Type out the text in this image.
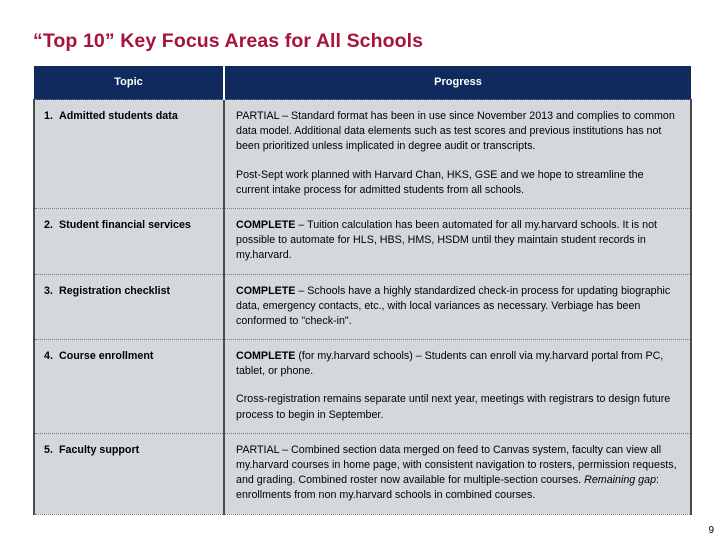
“Top 10” Key Focus Areas for All Schools
Topic	Progress

1. Admitted students data	PARTIAL – Standard format has been in use since November 2013 and complies to common data model. Additional data elements such as test scores and previous institutions has not been prioritized unless implicated in degree audit or transcripts.

Post-Sept work planned with Harvard Chan, HKS, GSE and we hope to streamline the current intake process for admitted students from all schools.

2. Student financial services	COMPLETE – Tuition calculation has been automated for all my.harvard schools. It is not possible to automate for HLS, HBS, HMS, HSDM until they maintain student records in my.harvard.

3. Registration checklist	COMPLETE – Schools have a highly standardized check-in process for updating biographic data, emergency contacts, etc., with local variances as necessary. Verbiage has been conformed to "check-in".

4. Course enrollment	COMPLETE (for my.harvard schools) – Students can enroll via my.harvard portal from PC, tablet, or phone.

Cross-registration remains separate until next year, meetings with registrars to design future process to begin in September.

5. Faculty support	PARTIAL – Combined section data merged on feed to Canvas system, faculty can view all my.harvard courses in home page, with consistent navigation to rosters, permission requests, and grading. Combined roster now available for multiple-section courses. Remaining gap: enrollments from non my.harvard schools in combined courses.

9
